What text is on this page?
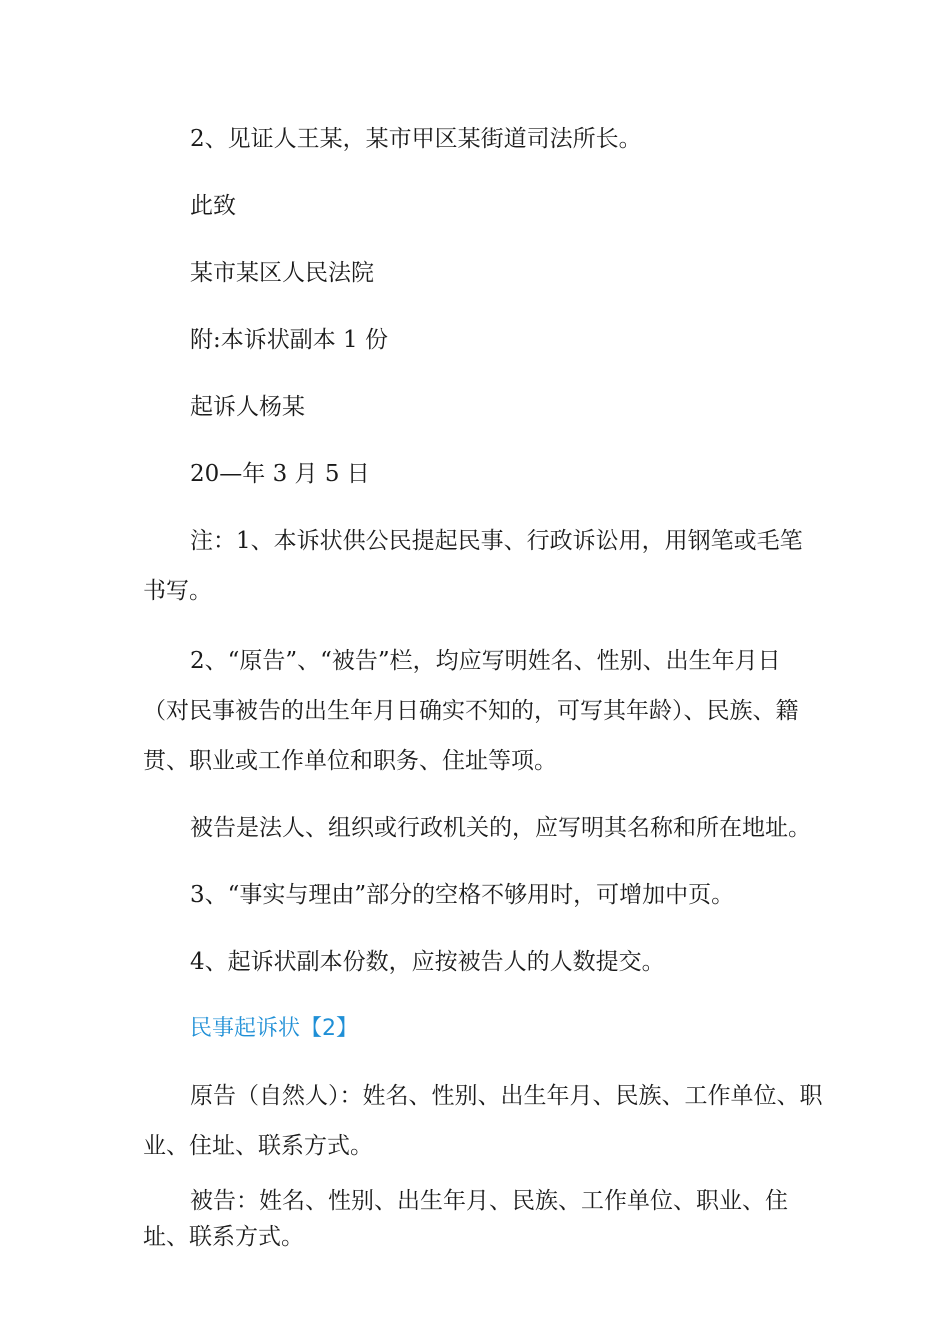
2、见证人王某，某市甲区某街道司法所长。

此致

某市某区人民法院

附:本诉状副本 1 份

起诉人杨某

20—年 3 月 5 日

注：1、本诉状供公民提起民事、行政诉讼用，用钢笔或毛笔书写。

2、“原告”、“被告”栏，均应写明姓名、性别、出生年月日（对民事被告的出生年月日确实不知的，可写其年龄）、民族、籍贯、职业或工作单位和职务、住址等项。

被告是法人、组织或行政机关的，应写明其名称和所在地址。

3、“事实与理由”部分的空格不够用时，可增加中页。

4、起诉状副本份数，应按被告人的人数提交。

民事起诉状【2】

原告（自然人）：姓名、性别、出生年月、民族、工作单位、职业、住址、联系方式。

被告：姓名、性别、出生年月、民族、工作单位、职业、住址、联系方式。
